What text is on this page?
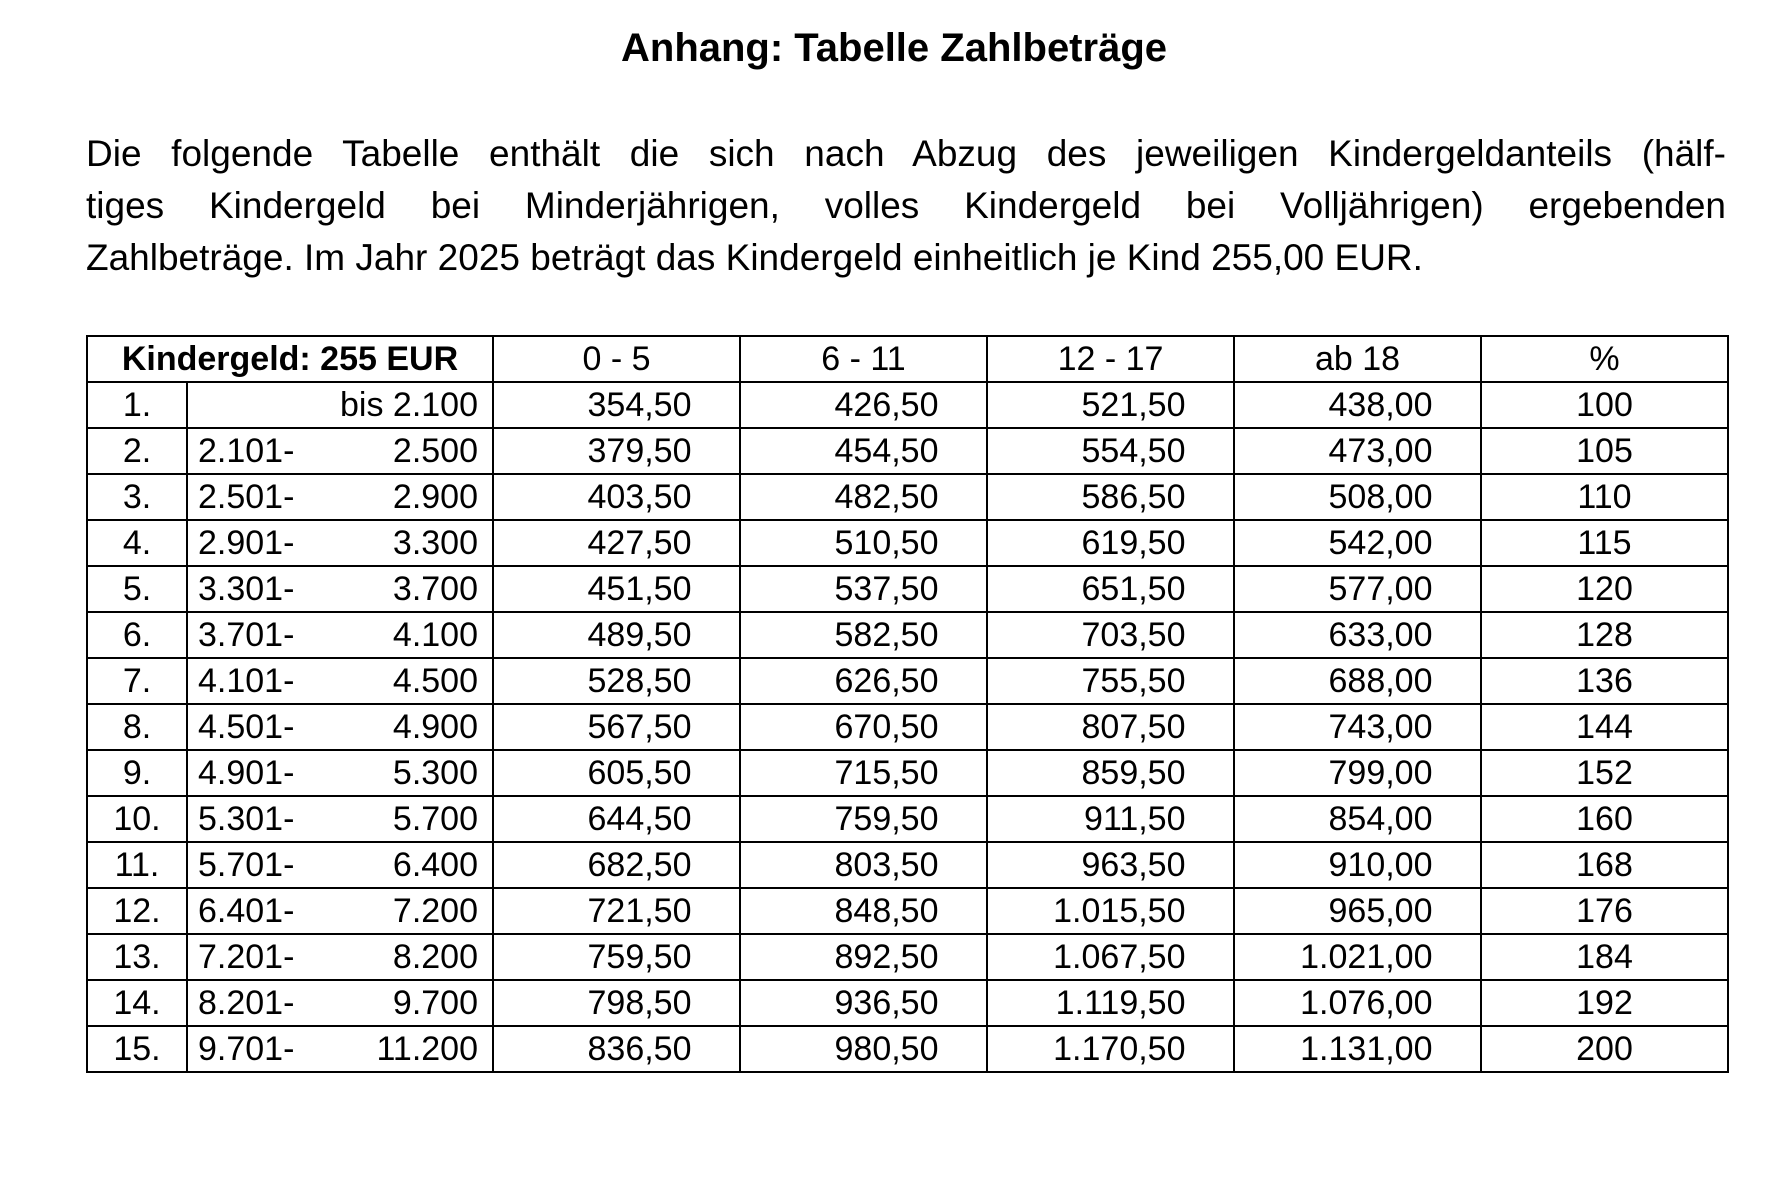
Anhang: Tabelle Zahlbeträge

Die folgende Tabelle enthält die sich nach Abzug des jeweiligen Kindergeldanteils (hälf-
tiges Kindergeld bei Minderjährigen, volles Kindergeld bei Volljährigen) ergebenden
Zahlbeträge. Im Jahr 2025 beträgt das Kindergeld einheitlich je Kind 255,00 EUR.

Kindergeld: 255 EUR			0 - 5	6 - 11	12 - 17	ab 18	%
1.		bis 2.100	354,50	426,50	521,50	438,00	100
2.	2.101-	2.500	379,50	454,50	554,50	473,00	105
3.	2.501-	2.900	403,50	482,50	586,50	508,00	110
4.	2.901-	3.300	427,50	510,50	619,50	542,00	115
5.	3.301-	3.700	451,50	537,50	651,50	577,00	120
6.	3.701-	4.100	489,50	582,50	703,50	633,00	128
7.	4.101-	4.500	528,50	626,50	755,50	688,00	136
8.	4.501-	4.900	567,50	670,50	807,50	743,00	144
9.	4.901-	5.300	605,50	715,50	859,50	799,00	152
10.	5.301-	5.700	644,50	759,50	911,50	854,00	160
11.	5.701-	6.400	682,50	803,50	963,50	910,00	168
12.	6.401-	7.200	721,50	848,50	1.015,50	965,00	176
13.	7.201-	8.200	759,50	892,50	1.067,50	1.021,00	184
14.	8.201-	9.700	798,50	936,50	1.119,50	1.076,00	192
15.	9.701-	11.200	836,50	980,50	1.170,50	1.131,00	200
